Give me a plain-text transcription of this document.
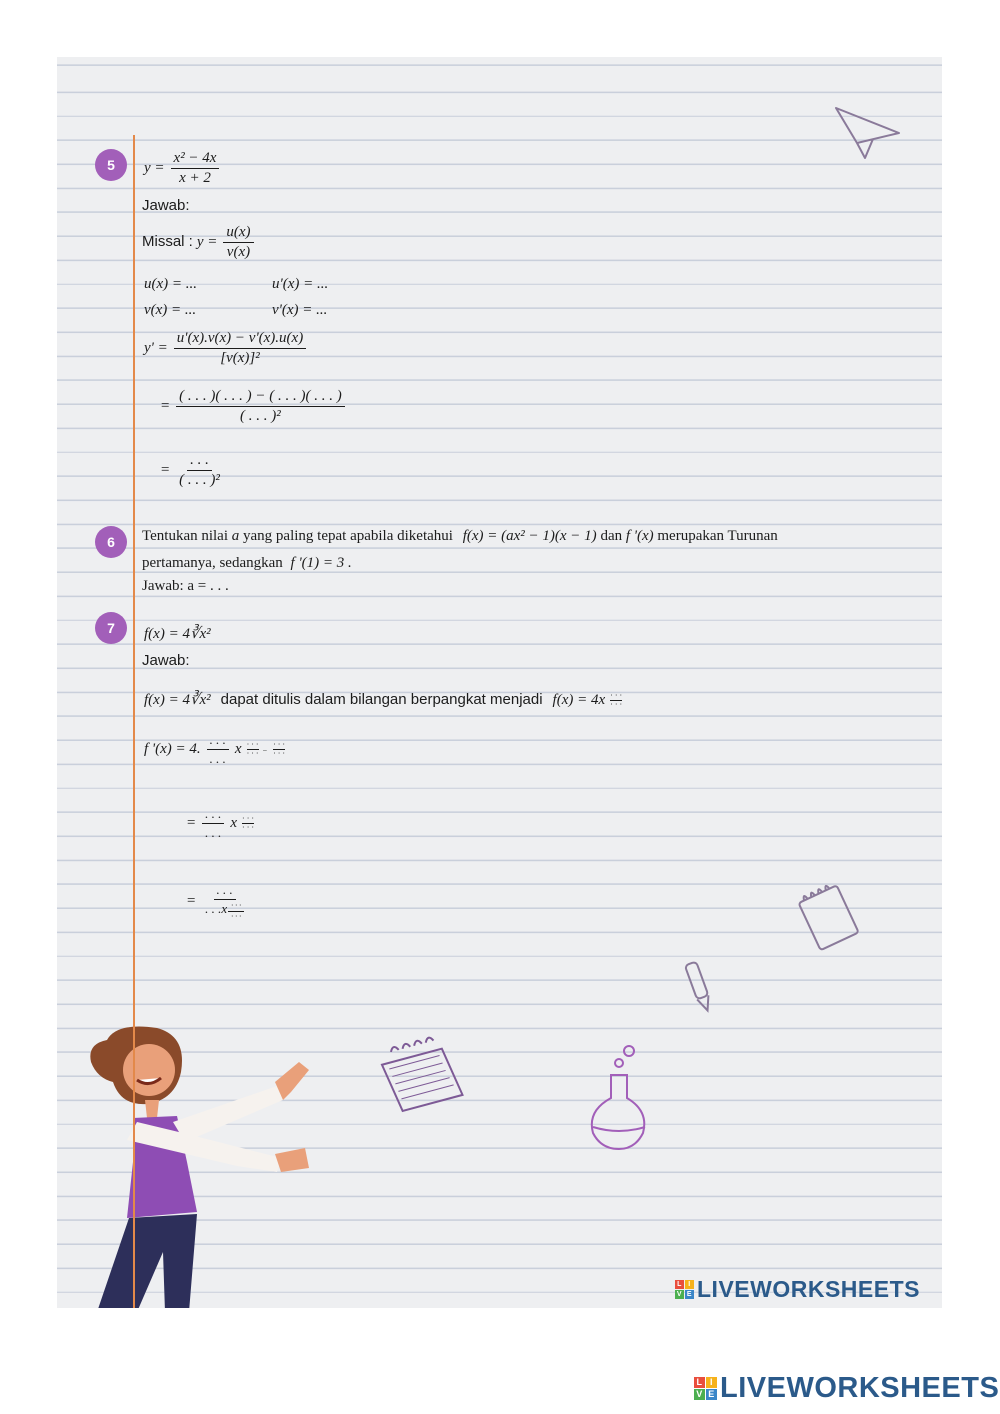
L I
V E LIVEWORKSHEETS
5	$y = \frac{\text{x² − 4x}}{x + 2}$
Jawab:
Missal : $y = \frac{u(x)}{v(x)}$
u(x) = ...	u'(x) = ...
v(x) = ...	v'(x) = ...
$y' = \frac{u'(x).v(x) - v'(x).u(x)}{\text{[v(x)]²}}$
= $\frac{( . . . )( . . . ) - ( . . . )( . . . )}{\text{( . . . )²}}$
= $\frac{. . .}{\text{( . . . )²}}$
6	Tentukan nilai a yang paling tepat apabila diketahui f(x) = (ax² − 1)(x − 1) dan f '(x) merupakan Turunan
pertamanya, sedangkan f '(1) = 3 .
Jawab: a = . . .
7	f(x) = 4∛x²
Jawab:
f(x) = 4∛x² dapat ditulis dalam bilangan berpangkat menjadi $f(x) = 4x \frac{\cdot \cdot \cdot}{\cdot \cdot \cdot}$
f '(x) = 4. $\frac{. . .}{. . .}$ x $\frac{\cdot \cdot \cdot}{\cdot \cdot \cdot} - \frac{\cdot \cdot \cdot}{\cdot \cdot \cdot}$
= $\frac{. . .}{. . .}$ x $\frac{\cdot \cdot \cdot}{\cdot \cdot \cdot}$
= $\frac{. . .}{. . .x \frac{\cdot \cdot \cdot}{\cdot \cdot \cdot}}$
L I
V E LIVEWORKSHEETS
